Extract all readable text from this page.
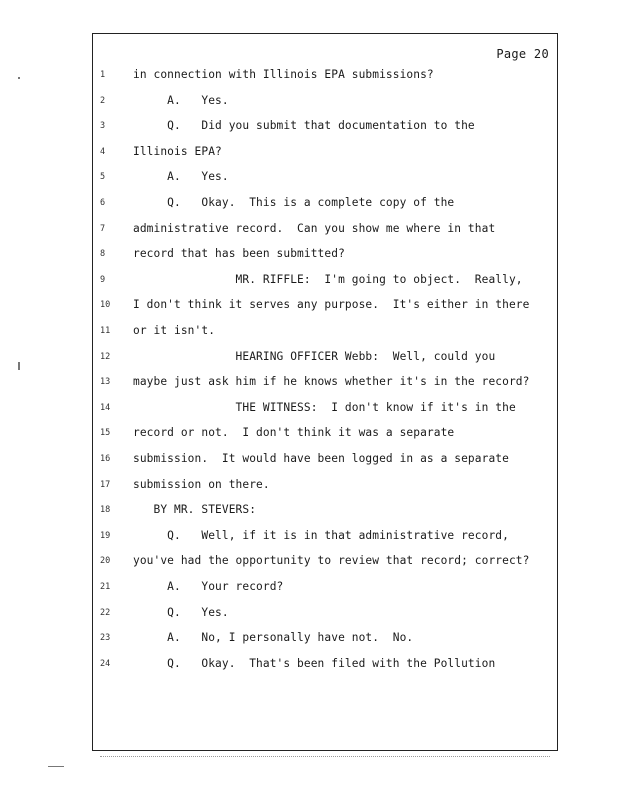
Page 20
1	in connection with Illinois EPA submissions?
2	A.   Yes.
3	Q.   Did you submit that documentation to the
4	Illinois EPA?
5	A.   Yes.
6	Q.   Okay.  This is a complete copy of the
7	administrative record.  Can you show me where in that
8	record that has been submitted?
9	MR. RIFFLE:  I'm going to object.  Really,
10	I don't think it serves any purpose.  It's either in there
11	or it isn't.
12	HEARING OFFICER Webb:  Well, could you
13	maybe just ask him if he knows whether it's in the record?
14	THE WITNESS:  I don't know if it's in the
15	record or not.  I don't think it was a separate
16	submission.  It would have been logged in as a separate
17	submission on there.
18	BY MR. STEVERS:
19	Q.   Well, if it is in that administrative record,
20	you've had the opportunity to review that record; correct?
21	A.   Your record?
22	Q.   Yes.
23	A.   No, I personally have not.  No.
24	Q.   Okay.  That's been filed with the Pollution
